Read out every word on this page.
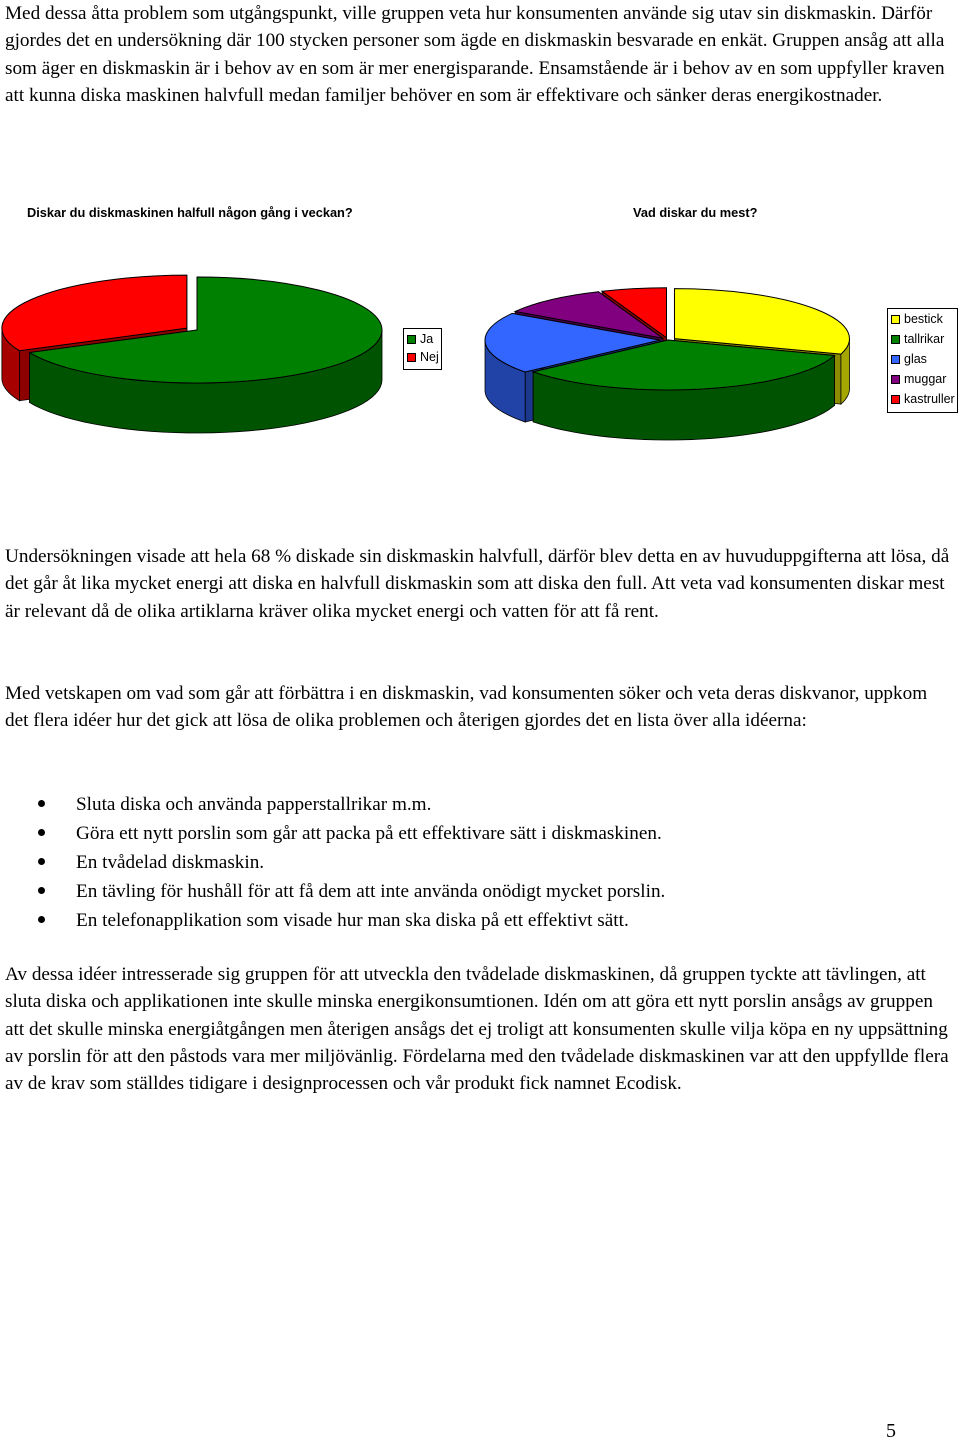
Med dessa åtta problem som utgångspunkt, ville gruppen veta hur konsumenten använde sig utav sin diskmaskin. Därför gjordes det en undersökning där 100 stycken personer som ägde en diskmaskin besvarade en enkät. Gruppen ansåg att alla som äger en diskmaskin är i behov av en som är mer energisparande. Ensamstående är i behov av en som uppfyller kraven att kunna diska maskinen halvfull medan familjer behöver en som är effektivare och sänker deras energikostnader.

Diskar du diskmaskinen halfull någon gång i veckan?	Vad diskar du mest?
Ja
Nej
bestick
tallrikar
glas
muggar
kastruller

Undersökningen visade att hela 68 % diskade sin diskmaskin halvfull, därför blev detta en av huvuduppgifterna att lösa, då det går åt lika mycket energi att diska en halvfull diskmaskin som att diska den full. Att veta vad konsumenten diskar mest är relevant då de olika artiklarna kräver olika mycket energi och vatten för att få rent.

Med vetskapen om vad som går att förbättra i en diskmaskin, vad konsumenten söker och veta deras diskvanor, uppkom det flera idéer hur det gick att lösa de olika problemen och återigen gjordes det en lista över alla idéerna:

Sluta diska och använda papperstallrikar m.m.
Göra ett nytt porslin som går att packa på ett effektivare sätt i diskmaskinen.
En tvådelad diskmaskin.
En tävling för hushåll för att få dem att inte använda onödigt mycket porslin.
En telefonapplikation som visade hur man ska diska på ett effektivt sätt.

Av dessa idéer intresserade sig gruppen för att utveckla den tvådelade diskmaskinen, då gruppen tyckte att tävlingen, att sluta diska och applikationen inte skulle minska energikonsumtionen. Idén om att göra ett nytt porslin ansågs av gruppen att det skulle minska energiåtgången men återigen ansågs det ej troligt att konsumenten skulle vilja köpa en ny uppsättning av porslin för att den påstods vara mer miljövänlig. Fördelarna med den tvådelade diskmaskinen var att den uppfyllde flera av de krav som ställdes tidigare i designprocessen och vår produkt fick namnet Ecodisk.

5
